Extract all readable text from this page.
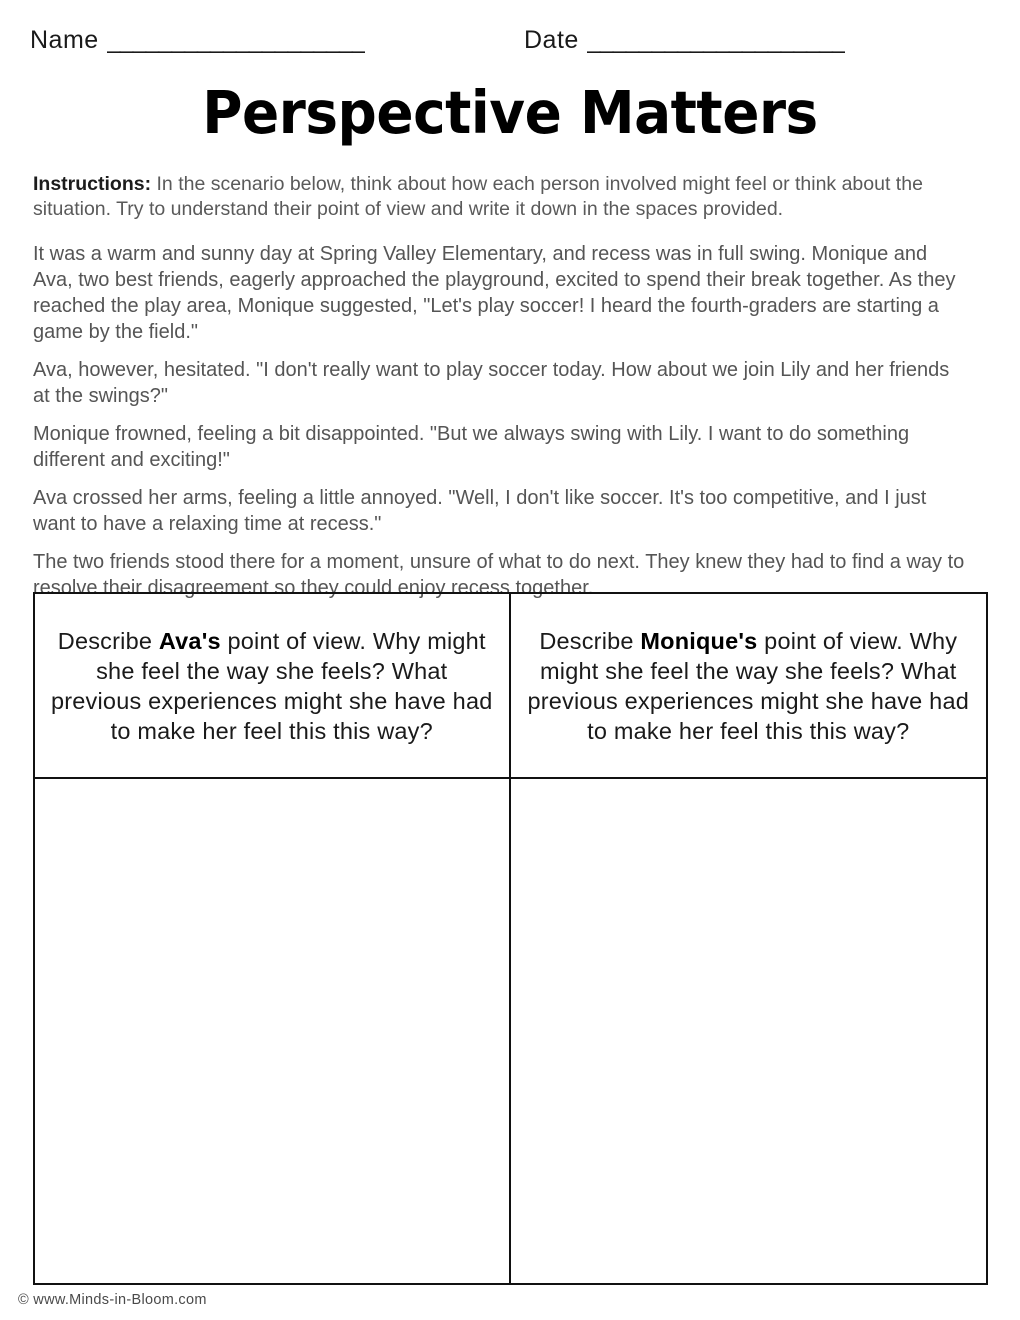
Name ____________________	Date ____________________
Perspective Matters
Instructions: In the scenario below, think about how each person involved might feel or think about the situation. Try to understand their point of view and write it down in the spaces provided.
It was a warm and sunny day at Spring Valley Elementary, and recess was in full swing. Monique and Ava, two best friends, eagerly approached the playground, excited to spend their break together. As they reached the play area, Monique suggested, "Let's play soccer! I heard the fourth-graders are starting a game by the field."
Ava, however, hesitated. "I don't really want to play soccer today. How about we join Lily and her friends at the swings?"
Monique frowned, feeling a bit disappointed. "But we always swing with Lily. I want to do something different and exciting!"
Ava crossed her arms, feeling a little annoyed. "Well, I don't like soccer. It's too competitive, and I just want to have a relaxing time at recess."
The two friends stood there for a moment, unsure of what to do next. They knew they had to find a way to resolve their disagreement so they could enjoy recess together.
Describe Ava's point of view. Why might she feel the way she feels? What previous experiences might she have had to make her feel this this way?
Describe Monique's point of view. Why might she feel the way she feels? What previous experiences might she have had to make her feel this this way?
© www.Minds-in-Bloom.com
